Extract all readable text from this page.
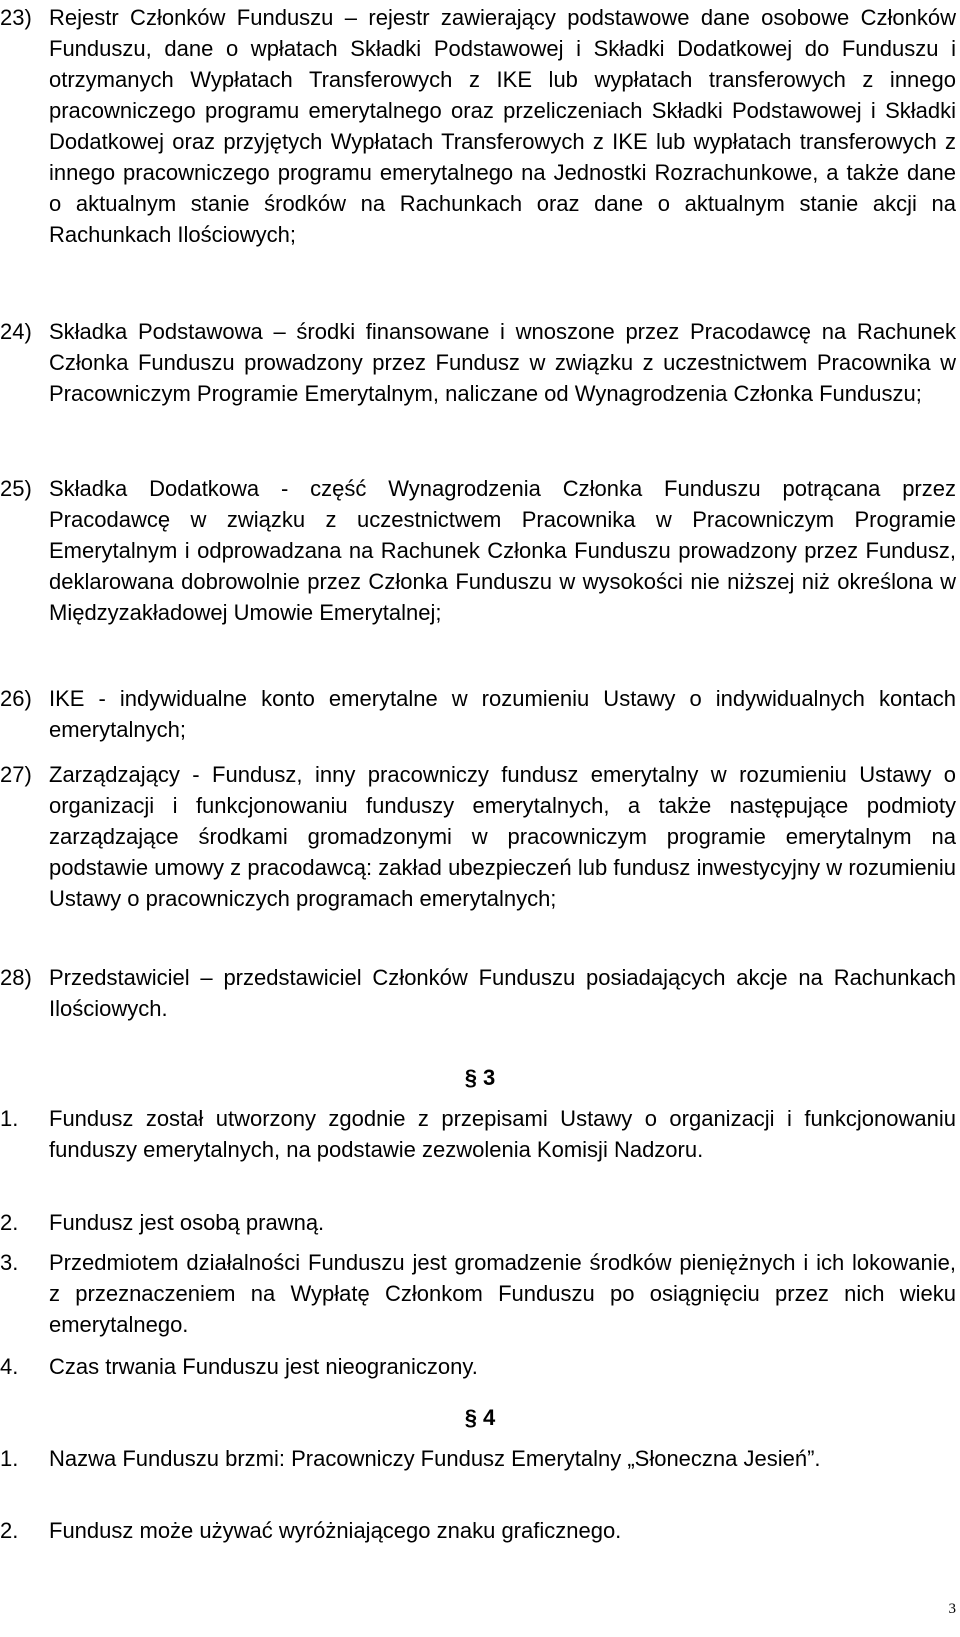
23) Rejestr Członków Funduszu – rejestr zawierający podstawowe dane osobowe Członków Funduszu, dane o wpłatach Składki Podstawowej i Składki Dodatkowej do Funduszu i otrzymanych Wypłatach Transferowych z IKE lub wypłatach transferowych z innego pracowniczego programu emerytalnego oraz przeliczeniach Składki Podstawowej i Składki Dodatkowej oraz przyjętych Wypłatach Transferowych z IKE lub wypłatach transferowych z innego pracowniczego programu emerytalnego na Jednostki Rozrachunkowe, a także dane o aktualnym stanie środków na Rachunkach oraz dane o aktualnym stanie akcji na Rachunkach Ilościowych;
24) Składka Podstawowa – środki finansowane i wnoszone przez Pracodawcę na Rachunek Członka Funduszu prowadzony przez Fundusz w związku z uczestnictwem Pracownika w Pracowniczym Programie Emerytalnym, naliczane od Wynagrodzenia Członka Funduszu;
25) Składka Dodatkowa - część Wynagrodzenia Członka Funduszu potrącana przez Pracodawcę w związku z uczestnictwem Pracownika w Pracowniczym Programie Emerytalnym i odprowadzana na Rachunek Członka Funduszu prowadzony przez Fundusz, deklarowana dobrowolnie przez Członka Funduszu w wysokości nie niższej niż określona w Międzyzakładowej Umowie Emerytalnej;
26) IKE - indywidualne konto emerytalne w rozumieniu Ustawy o indywidualnych kontach emerytalnych;
27) Zarządzający - Fundusz, inny pracowniczy fundusz emerytalny w rozumieniu Ustawy o organizacji i funkcjonowaniu funduszy emerytalnych, a także następujące podmioty zarządzające środkami gromadzonymi w pracowniczym programie emerytalnym na podstawie umowy z pracodawcą: zakład ubezpieczeń lub fundusz inwestycyjny w rozumieniu Ustawy o pracowniczych programach emerytalnych;
28) Przedstawiciel – przedstawiciel Członków Funduszu posiadających akcje na Rachunkach Ilościowych.
§ 3
1.	Fundusz został utworzony zgodnie z przepisami Ustawy o organizacji i funkcjonowaniu funduszy emerytalnych, na podstawie zezwolenia Komisji Nadzoru.
2.	Fundusz jest osobą prawną.
3.	Przedmiotem działalności Funduszu jest gromadzenie środków pieniężnych i ich lokowanie, z przeznaczeniem na Wypłatę Członkom Funduszu po osiągnięciu przez nich wieku emerytalnego.
4.	Czas trwania Funduszu jest nieograniczony.
§ 4
1.	Nazwa Funduszu brzmi: Pracowniczy Fundusz Emerytalny „Słoneczna Jesień”.
2.	Fundusz może używać wyróżniającego znaku graficznego.
3
